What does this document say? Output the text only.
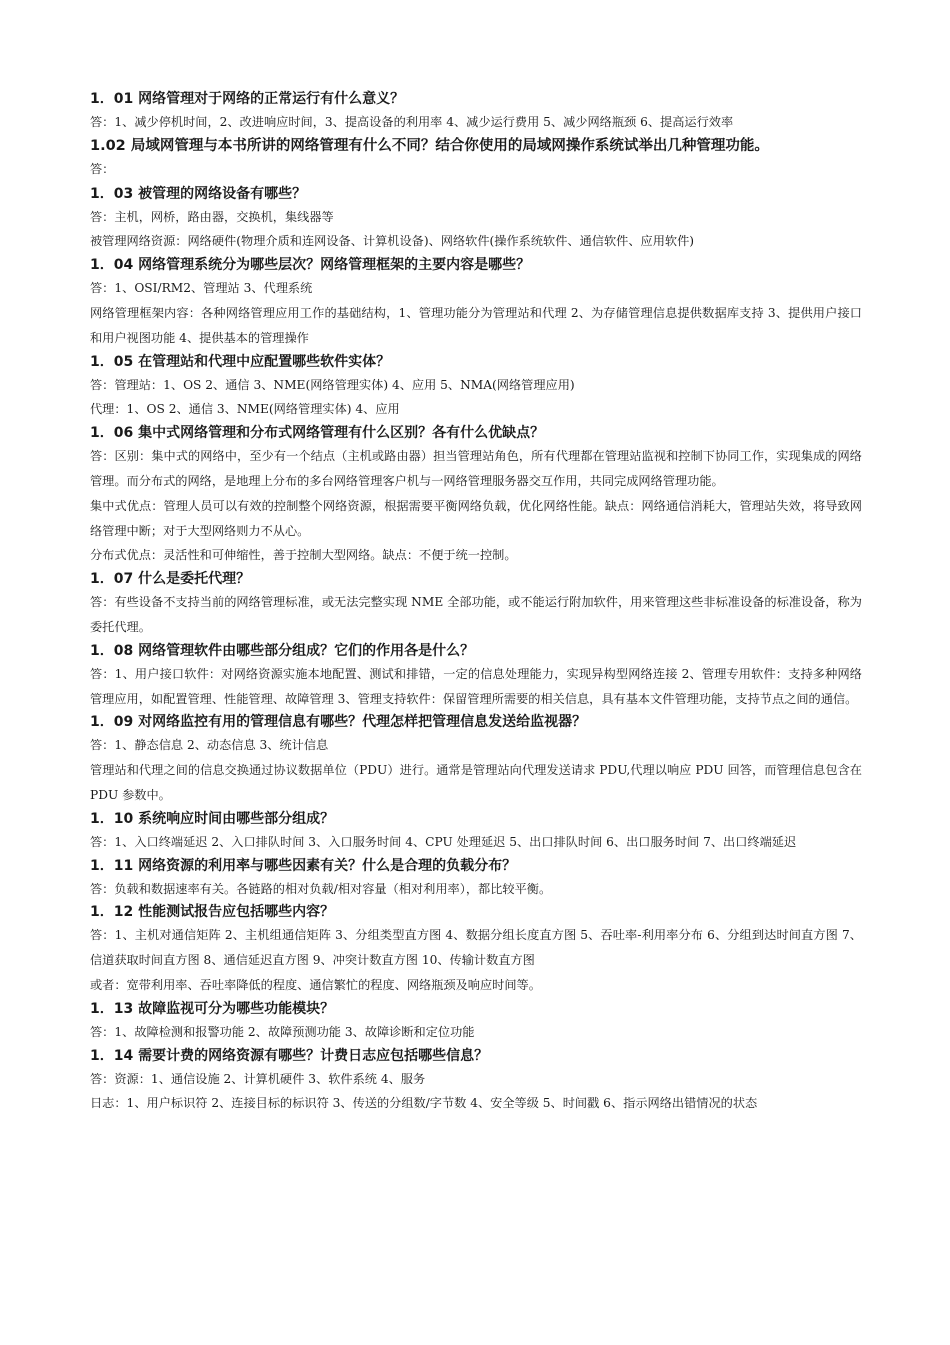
1．01 网络管理对于网络的正常运行有什么意义？

答：1、减少停机时间，2、改进响应时间，3、提高设备的利用率 4、减少运行费用 5、减少网络瓶颈 6、提高运行效率

1.02 局域网管理与本书所讲的网络管理有什么不同？结合你使用的局域网操作系统试举出几种管理功能。

答：

1．03 被管理的网络设备有哪些？

答：主机，网桥，路由器，交换机，集线器等

被管理网络资源：网络硬件(物理介质和连网设备、计算机设备)、网络软件(操作系统软件、通信软件、应用软件)

1．04 网络管理系统分为哪些层次？网络管理框架的主要内容是哪些？

答：1、OSI/RM2、管理站 3、代理系统

网络管理框架内容：各种网络管理应用工作的基础结构，1、管理功能分为管理站和代理 2、为存储管理信息提供数据库支持 3、提供用户接口和用户视图功能 4、提供基本的管理操作

1．05 在管理站和代理中应配置哪些软件实体？

答：管理站：1、OS 2、通信 3、NME(网络管理实体) 4、应用 5、NMA(网络管理应用)

代理：1、OS 2、通信 3、NME(网络管理实体) 4、应用

1．06 集中式网络管理和分布式网络管理有什么区别？各有什么优缺点？

答：区别：集中式的网络中，至少有一个结点（主机或路由器）担当管理站角色，所有代理都在管理站监视和控制下协同工作，实现集成的网络管理。而分布式的网络，是地理上分布的多台网络管理客户机与一网络管理服务器交互作用，共同完成网络管理功能。

集中式优点：管理人员可以有效的控制整个网络资源，根据需要平衡网络负载，优化网络性能。缺点：网络通信消耗大，管理站失效，将导致网络管理中断；对于大型网络则力不从心。

分布式优点：灵活性和可伸缩性，善于控制大型网络。缺点：不便于统一控制。

1．07 什么是委托代理？

答：有些设备不支持当前的网络管理标准，或无法完整实现 NME 全部功能，或不能运行附加软件，用来管理这些非标准设备的标准设备，称为委托代理。

1．08 网络管理软件由哪些部分组成？它们的作用各是什么？

答：1、用户接口软件：对网络资源实施本地配置、测试和排错，一定的信息处理能力，实现异构型网络连接 2、管理专用软件：支持多种网络管理应用，如配置管理、性能管理、故障管理 3、管理支持软件：保留管理所需要的相关信息，具有基本文件管理功能，支持节点之间的通信。

1．09 对网络监控有用的管理信息有哪些？代理怎样把管理信息发送给监视器？

答：1、静态信息 2、动态信息 3、统计信息

管理站和代理之间的信息交换通过协议数据单位（PDU）进行。通常是管理站向代理发送请求 PDU,代理以响应 PDU 回答，而管理信息包含在 PDU 参数中。

1．10 系统响应时间由哪些部分组成？

答：1、入口终端延迟 2、入口排队时间 3、入口服务时间 4、CPU 处理延迟 5、出口排队时间 6、出口服务时间 7、出口终端延迟

1．11 网络资源的利用率与哪些因素有关？什么是合理的负载分布？

答：负载和数据速率有关。各链路的相对负载/相对容量（相对利用率），都比较平衡。

1．12 性能测试报告应包括哪些内容？

答：1、主机对通信矩阵 2、主机组通信矩阵 3、分组类型直方图 4、数据分组长度直方图 5、吞吐率-利用率分布 6、分组到达时间直方图 7、信道获取时间直方图 8、通信延迟直方图 9、冲突计数直方图 10、传输计数直方图

或者：宽带利用率、吞吐率降低的程度、通信繁忙的程度、网络瓶颈及响应时间等。

1．13 故障监视可分为哪些功能模块？

答：1、故障检测和报警功能 2、故障预测功能 3、故障诊断和定位功能

1．14 需要计费的网络资源有哪些？计费日志应包括哪些信息？

答：资源：1、通信设施 2、计算机硬件 3、软件系统 4、服务

日志：1、用户标识符 2、连接目标的标识符 3、传送的分组数/字节数 4、安全等级 5、时间戳 6、指示网络出错情况的状态
